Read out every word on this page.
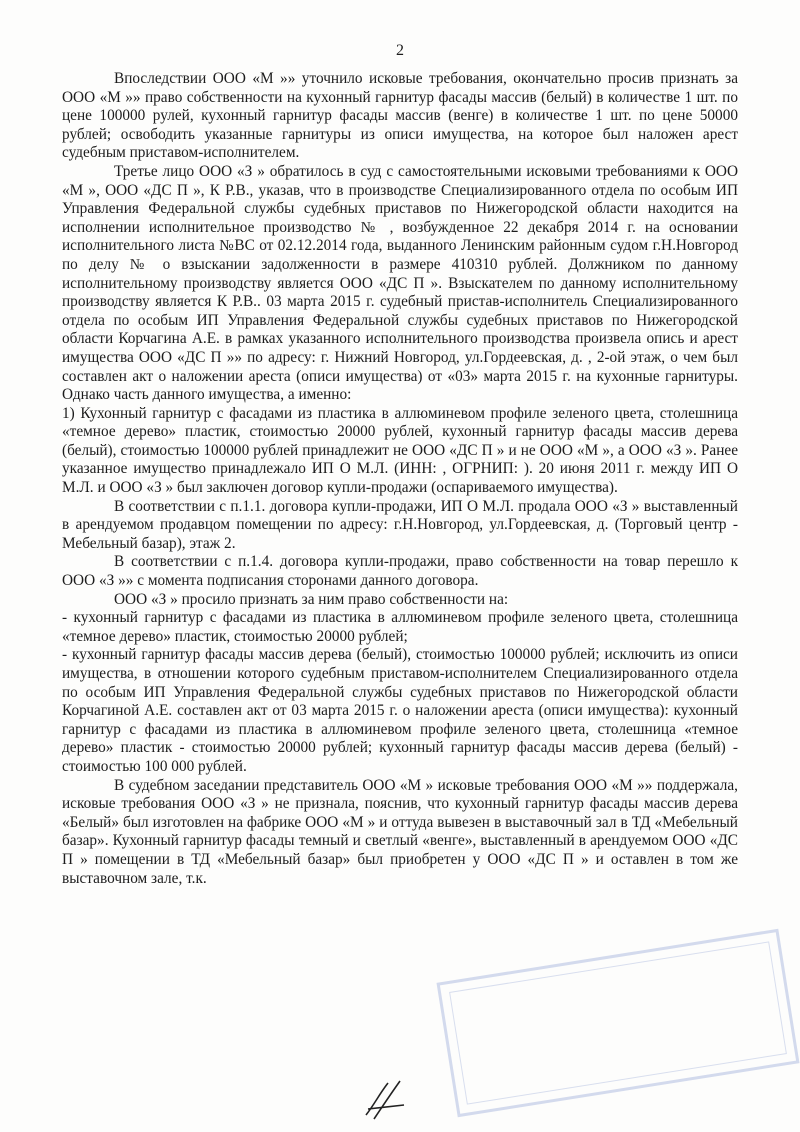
2

Впоследствии ООО «М »» уточнило исковые требования, окончательно просив признать за ООО «М »» право собственности на кухонный гарнитур фасады массив (белый) в количестве 1 шт. по цене 100000 рулей, кухонный гарнитур фасады массив (венге) в количестве 1 шт. по цене 50000 рублей; освободить указанные гарнитуры из описи имущества, на которое был наложен арест судебным приставом-исполнителем.

Третье лицо ООО «З » обратилось в суд с самостоятельными исковыми требованиями к ООО «М », ООО «ДС П », К Р.В., указав, что в производстве Специализированного отдела по особым ИП Управления Федеральной службы судебных приставов по Нижегородской области находится на исполнении исполнительное производство № , возбужденное 22 декабря 2014 г. на основании исполнительного листа №ВС от 02.12.2014 года, выданного Ленинским районным судом г.Н.Новгород по делу № о взыскании задолженности в размере 410310 рублей. Должником по данному исполнительному производству является ООО «ДС П ». Взыскателем по данному исполнительному производству является К Р.В.. 03 марта 2015 г. судебный пристав-исполнитель Специализированного отдела по особым ИП Управления Федеральной службы судебных приставов по Нижегородской области Корчагина А.Е. в рамках указанного исполнительного производства произвела опись и арест имущества ООО «ДС П »» по адресу: г. Нижний Новгород, ул.Гордеевская, д. , 2-ой этаж, о чем был составлен акт о наложении ареста (описи имущества) от «03» марта 2015 г. на кухонные гарнитуры. Однако часть данного имущества, а именно:

1) Кухонный гарнитур с фасадами из пластика в аллюминевом профиле зеленого цвета, столешница «темное дерево» пластик, стоимостью 20000 рублей, кухонный гарнитур фасады массив дерева (белый), стоимостью 100000 рублей принадлежит не ООО «ДС П » и не ООО «М », а ООО «З ». Ранее указанное имущество принадлежало ИП О М.Л. (ИНН: , ОГРНИП: ). 20 июня 2011 г. между ИП О М.Л. и ООО «З » был заключен договор купли-продажи (оспариваемого имущества).

В соответствии с п.1.1. договора купли-продажи, ИП О М.Л. продала ООО «З » выставленный в арендуемом продавцом помещении по адресу: г.Н.Новгород, ул.Гордеевская, д. (Торговый центр - Мебельный базар), этаж 2.

В соответствии с п.1.4. договора купли-продажи, право собственности на товар перешло к ООО «З »» с момента подписания сторонами данного договора.

ООО «З » просило признать за ним право собственности на:

- кухонный гарнитур с фасадами из пластика в аллюминевом профиле зеленого цвета, столешница «темное дерево» пластик, стоимостью 20000 рублей;

- кухонный гарнитур фасады массив дерева (белый), стоимостью 100000 рублей; исключить из описи имущества, в отношении которого судебным приставом-исполнителем Специализированного отдела по особым ИП Управления Федеральной службы судебных приставов по Нижегородской области Корчагиной А.Е. составлен акт от 03 марта 2015 г. о наложении ареста (описи имущества): кухонный гарнитур с фасадами из пластика в аллюминевом профиле зеленого цвета, столешница «темное дерево» пластик - стоимостью 20000 рублей; кухонный гарнитур фасады массив дерева (белый) - стоимостью 100 000 рублей.

В судебном заседании представитель ООО «М » исковые требования ООО «М »» поддержала, исковые требования ООО «З » не признала, пояснив, что кухонный гарнитур фасады массив дерева «Белый» был изготовлен на фабрике ООО «М » и оттуда вывезен в выставочный зал в ТД «Мебельный базар». Кухонный гарнитур фасады темный и светлый «венге», выставленный в арендуемом ООО «ДС П » помещении в ТД «Мебельный базар» был приобретен у ООО «ДС П » и оставлен в том же выставочном зале, т.к.
